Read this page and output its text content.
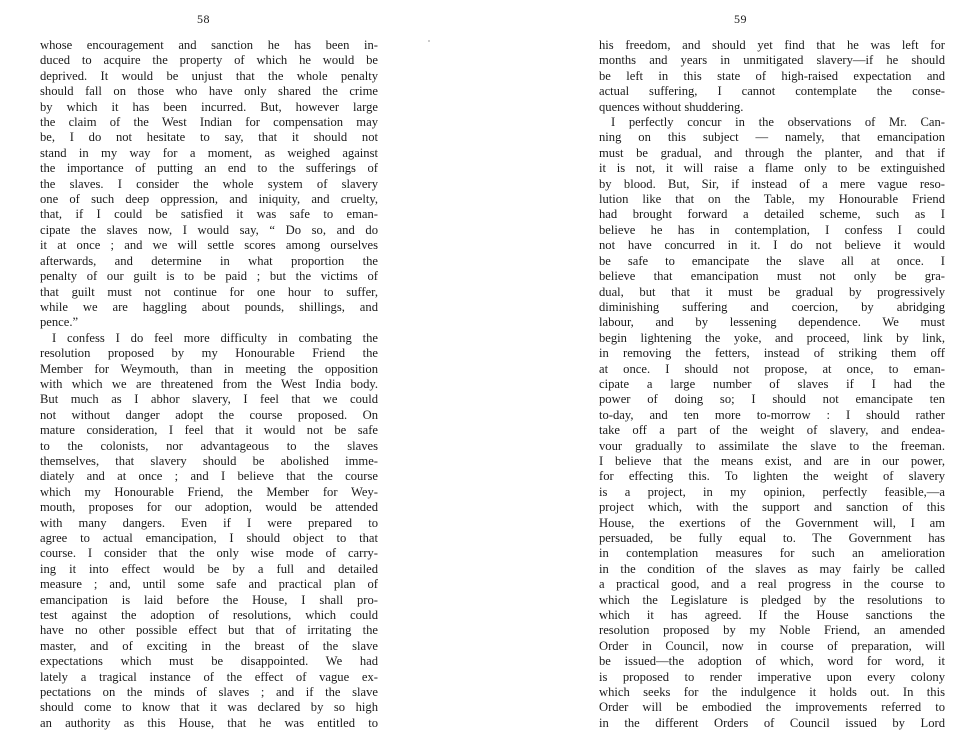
58
whose encouragement and sanction he has been in-
duced to acquire the property of which he would be
deprived. It would be unjust that the whole penalty
should fall on those who have only shared the crime
by which it has been incurred. But, however large
the claim of the West Indian for compensation may
be, I do not hesitate to say, that it should not
stand in my way for a moment, as weighed against
the importance of putting an end to the sufferings of
the slaves. I consider the whole system of slavery
one of such deep oppression, and iniquity, and cruelty,
that, if I could be satisfied it was safe to eman-
cipate the slaves now, I would say, “ Do so, and do
it at once ; and we will settle scores among ourselves
afterwards, and determine in what proportion the
penalty of our guilt is to be paid ; but the victims of
that guilt must not continue for one hour to suffer,
while we are haggling about pounds, shillings, and
pence.”
I confess I do feel more difficulty in combating the
resolution proposed by my Honourable Friend the
Member for Weymouth, than in meeting the opposition
with which we are threatened from the West India body.
But much as I abhor slavery, I feel that we could
not without danger adopt the course proposed. On
mature consideration, I feel that it would not be safe
to the colonists, nor advantageous to the slaves
themselves, that slavery should be abolished imme-
diately and at once ; and I believe that the course
which my Honourable Friend, the Member for Wey-
mouth, proposes for our adoption, would be attended
with many dangers. Even if I were prepared to
agree to actual emancipation, I should object to that
course. I consider that the only wise mode of carry-
ing it into effect would be by a full and detailed
measure ; and, until some safe and practical plan of
emancipation is laid before the House, I shall pro-
test against the adoption of resolutions, which could
have no other possible effect but that of irritating the
master, and of exciting in the breast of the slave
expectations which must be disappointed. We had
lately a tragical instance of the effect of vague ex-
pectations on the minds of slaves ; and if the slave
should come to know that it was declared by so high
an authority as this House, that he was entitled to
59
his freedom, and should yet find that he was left for
months and years in unmitigated slavery—if he should
be left in this state of high-raised expectation and
actual suffering, I cannot contemplate the conse-
quences without shuddering.
I perfectly concur in the observations of Mr. Can-
ning on this subject — namely, that emancipation
must be gradual, and through the planter, and that if
it is not, it will raise a flame only to be extinguished
by blood. But, Sir, if instead of a mere vague reso-
lution like that on the Table, my Honourable Friend
had brought forward a detailed scheme, such as I
believe he has in contemplation, I confess I could
not have concurred in it. I do not believe it would
be safe to emancipate the slave all at once. I
believe that emancipation must not only be gra-
dual, but that it must be gradual by progressively
diminishing suffering and coercion, by abridging
labour, and by lessening dependence. We must
begin lightening the yoke, and proceed, link by link,
in removing the fetters, instead of striking them off
at once. I should not propose, at once, to eman-
cipate a large number of slaves if I had the
power of doing so; I should not emancipate ten
to-day, and ten more to-morrow : I should rather
take off a part of the weight of slavery, and endea-
vour gradually to assimilate the slave to the freeman.
I believe that the means exist, and are in our power,
for effecting this. To lighten the weight of slavery
is a project, in my opinion, perfectly feasible,—a
project which, with the support and sanction of this
House, the exertions of the Government will, I am
persuaded, be fully equal to. The Government has
in contemplation measures for such an amelioration
in the condition of the slaves as may fairly be called
a practical good, and a real progress in the course to
which the Legislature is pledged by the resolutions to
which it has agreed. If the House sanctions the
resolution proposed by my Noble Friend, an amended
Order in Council, now in course of preparation, will
be issued—the adoption of which, word for word, it
is proposed to render imperative upon every colony
which seeks for the indulgence it holds out. In this
Order will be embodied the improvements referred to
in the different Orders of Council issued by Lord
